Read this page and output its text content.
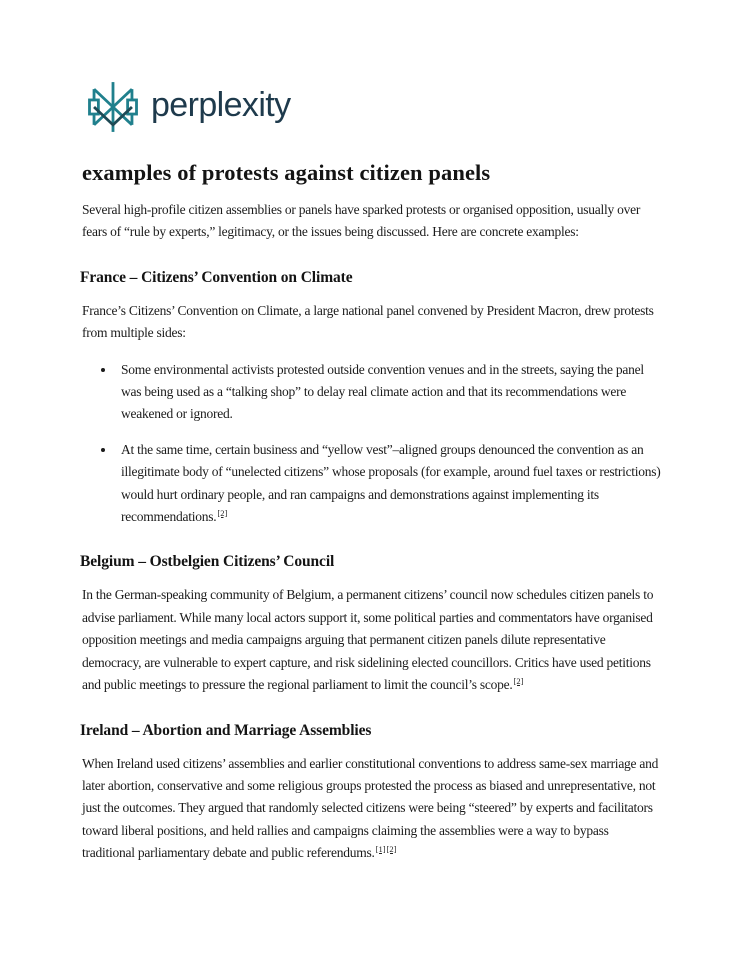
perplexity
examples of protests against citizen panels

Several high-profile citizen assemblies or panels have sparked protests or organised opposition, usually over fears of “rule by experts,” legitimacy, or the issues being discussed. Here are concrete examples:

France – Citizens’ Convention on Climate

France’s Citizens’ Convention on Climate, a large national panel convened by President Macron, drew protests from multiple sides:

• Some environmental activists protested outside convention venues and in the streets, saying the panel was being used as a “talking shop” to delay real climate action and that its recommendations were weakened or ignored.
• At the same time, certain business and “yellow vest”–aligned groups denounced the convention as an illegitimate body of “unelected citizens” whose proposals (for example, around fuel taxes or restrictions) would hurt ordinary people, and ran campaigns and demonstrations against implementing its recommendations.[2]
Belgium – Ostbelgien Citizens’ Council

In the German-speaking community of Belgium, a permanent citizens’ council now schedules citizen panels to advise parliament. While many local actors support it, some political parties and commentators have organised opposition meetings and media campaigns arguing that permanent citizen panels dilute representative democracy, are vulnerable to expert capture, and risk sidelining elected councillors. Critics have used petitions and public meetings to pressure the regional parliament to limit the council’s scope.[2]

Ireland – Abortion and Marriage Assemblies

When Ireland used citizens’ assemblies and earlier constitutional conventions to address same-sex marriage and later abortion, conservative and some religious groups protested the process as biased and unrepresentative, not just the outcomes. They argued that randomly selected citizens were being “steered” by experts and facilitators toward liberal positions, and held rallies and campaigns claiming the assemblies were a way to bypass traditional parliamentary debate and public referendums.[1][2]
